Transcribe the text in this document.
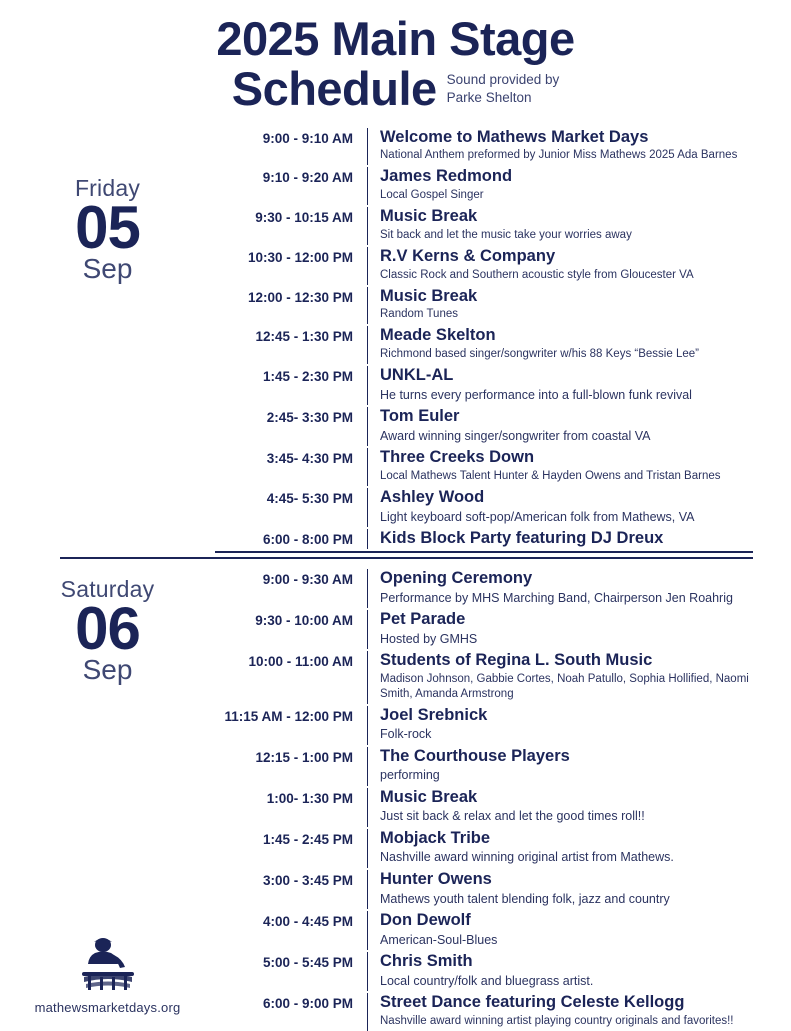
2025 Main Stage
Schedule Sound provided by
Parke Shelton
Friday
05
Sep
9:00 - 9:10 AM	Welcome to Mathews Market Days
National Anthem preformed by Junior Miss Mathews 2025 Ada Barnes
9:10 - 9:20 AM	James Redmond
Local Gospel Singer
9:30 - 10:15 AM	Music Break
Sit back and let the music take your worries away
10:30 - 12:00 PM	R.V Kerns & Company
Classic Rock and Southern acoustic style from Gloucester VA
12:00 - 12:30 PM	Music Break
Random Tunes
12:45 - 1:30 PM	Meade Skelton
Richmond based singer/songwriter w/his 88 Keys “Bessie Lee”
1:45 - 2:30 PM	UNKL-AL
He turns every performance into a full-blown funk revival
2:45- 3:30 PM	Tom Euler
Award winning singer/songwriter from coastal VA
3:45- 4:30 PM	Three Creeks Down
Local Mathews Talent Hunter & Hayden Owens and Tristan Barnes
4:45- 5:30 PM	Ashley Wood
Light keyboard soft-pop/American folk from Mathews, VA
6:00 - 8:00 PM	Kids Block Party featuring DJ Dreux
Saturday
06
Sep
9:00 - 9:30 AM	Opening Ceremony
Performance by MHS Marching Band, Chairperson Jen Roahrig
9:30 - 10:00 AM	Pet Parade
Hosted by GMHS
10:00 - 11:00 AM	Students of Regina L. South Music
Madison Johnson, Gabbie Cortes, Noah Patullo, Sophia Hollified, Naomi Smith, Amanda Armstrong
11:15 AM - 12:00 PM	Joel Srebnick
Folk-rock
12:15 - 1:00 PM	The Courthouse Players
performing
1:00- 1:30 PM	Music Break
Just sit back & relax and let the good times roll!!
1:45 - 2:45 PM	Mobjack Tribe
Nashville award winning original artist from Mathews.
3:00 - 3:45 PM	Hunter Owens
Mathews youth talent blending folk, jazz and country
4:00 - 4:45 PM	Don Dewolf
American-Soul-Blues
5:00 - 5:45 PM	Chris Smith
Local country/folk and bluegrass artist.
6:00 - 9:00 PM	Street Dance featuring Celeste Kellogg
Nashville award winning artist playing country originals and favorites!!
mathewsmarketdays.org
